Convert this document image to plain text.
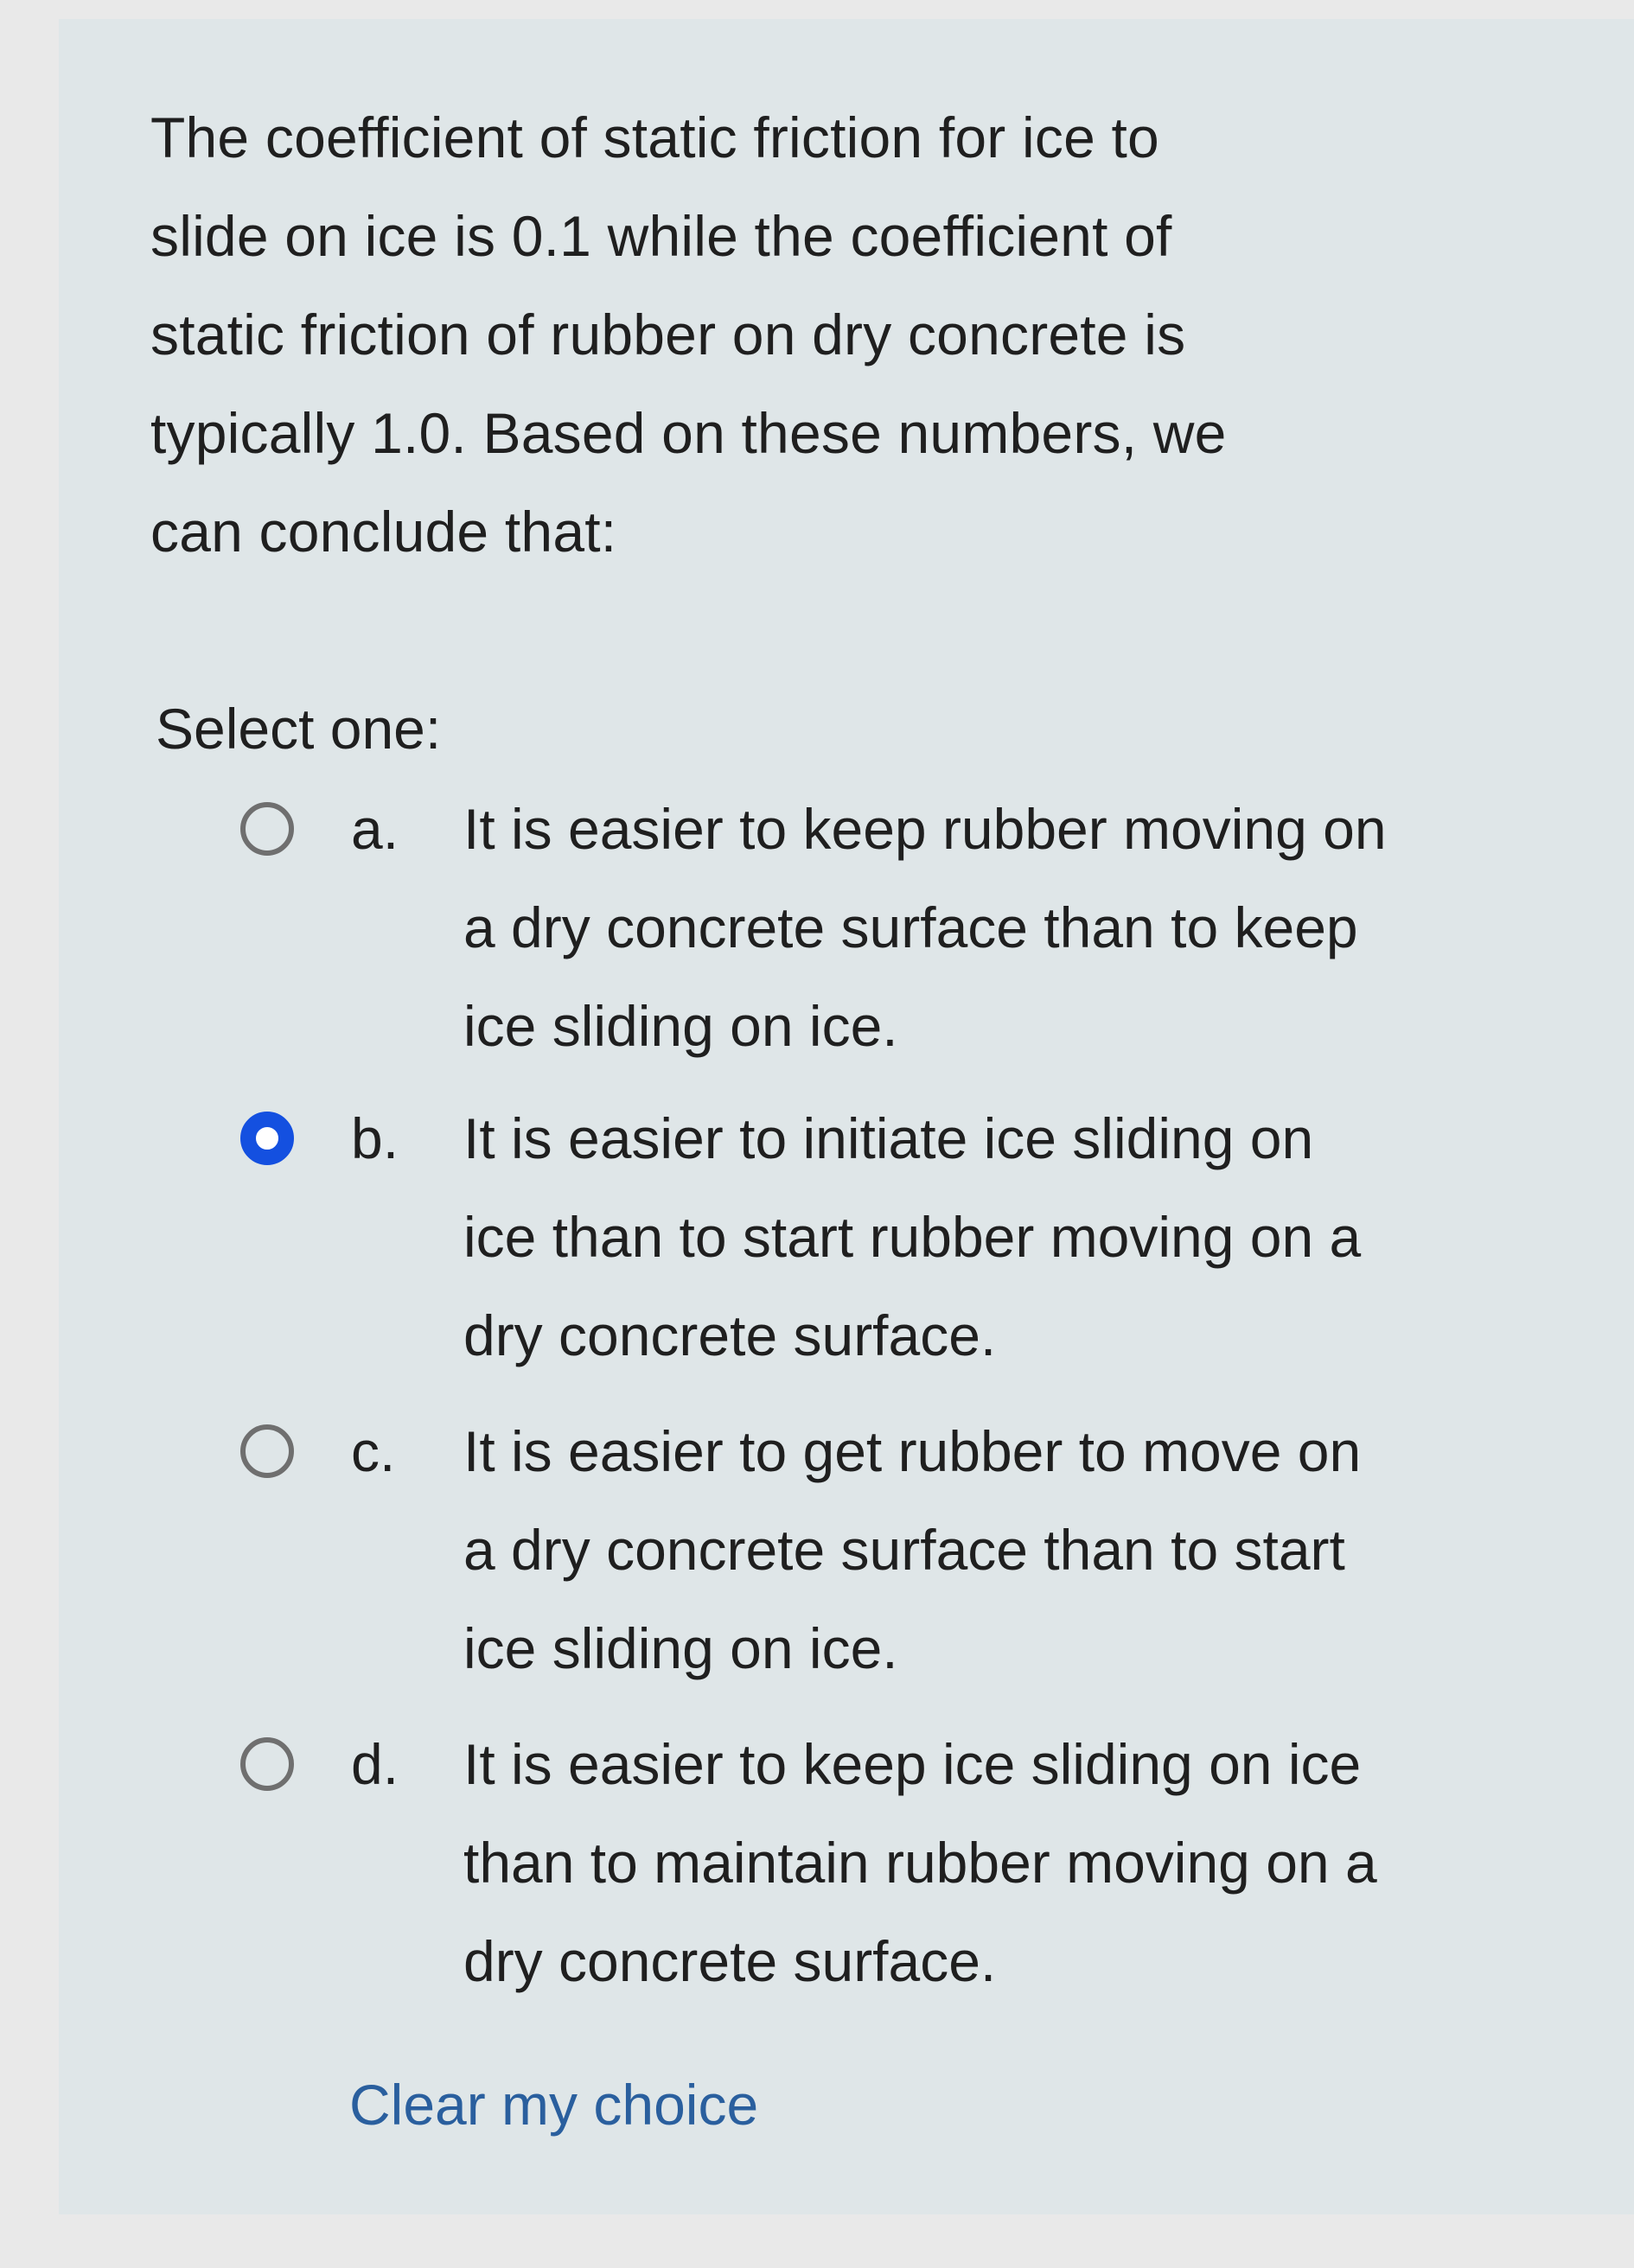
The coefficient of static friction for ice to
slide on ice is 0.1 while the coefficient of
static friction of rubber on dry concrete is
typically 1.0. Based on these numbers, we
can conclude that:
Select one:
a. It is easier to keep rubber moving on
a dry concrete surface than to keep
ice sliding on ice.
b. It is easier to initiate ice sliding on
ice than to start rubber moving on a
dry concrete surface.
c. It is easier to get rubber to move on
a dry concrete surface than to start
ice sliding on ice.
d. It is easier to keep ice sliding on ice
than to maintain rubber moving on a
dry concrete surface.
Clear my choice
